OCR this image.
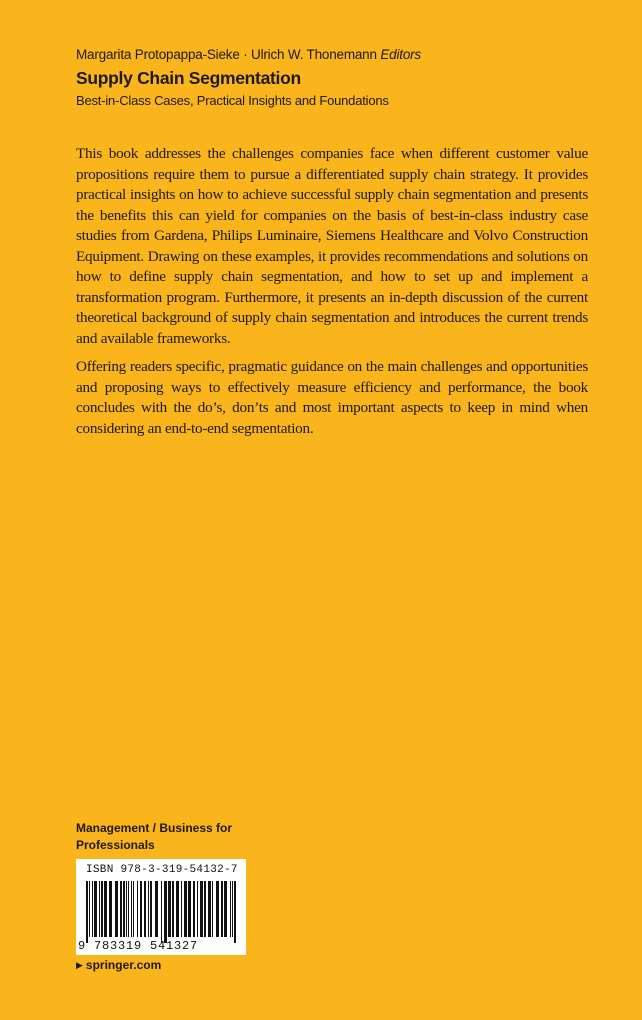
Margarita Protopappa-Sieke · Ulrich W. Thonemann Editors
Supply Chain Segmentation
Best-in-Class Cases, Practical Insights and Foundations

This book addresses the challenges companies face when different customer value propositions require them to pursue a differentiated supply chain strategy. It provides practical insights on how to achieve successful supply chain segmentation and presents the benefits this can yield for companies on the basis of best-in-class industry case studies from Gardena, Philips Luminaire, Siemens Healthcare and Volvo Construction Equipment. Drawing on these examples, it provides recommendations and solutions on how to define supply chain segmentation, and how to set up and implement a transformation program. Furthermore, it presents an in-depth discussion of the current theoretical background of supply chain segmentation and introduces the current trends and available frameworks.

Offering readers specific, pragmatic guidance on the main challenges and opportunities and proposing ways to effectively measure efficiency and performance, the book concludes with the do’s, don’ts and most important aspects to keep in mind when considering an end-to-end segmentation.

Management / Business for
Professionals
ISBN 978-3-319-54132-7
9 783319 541327
▶ springer.com
